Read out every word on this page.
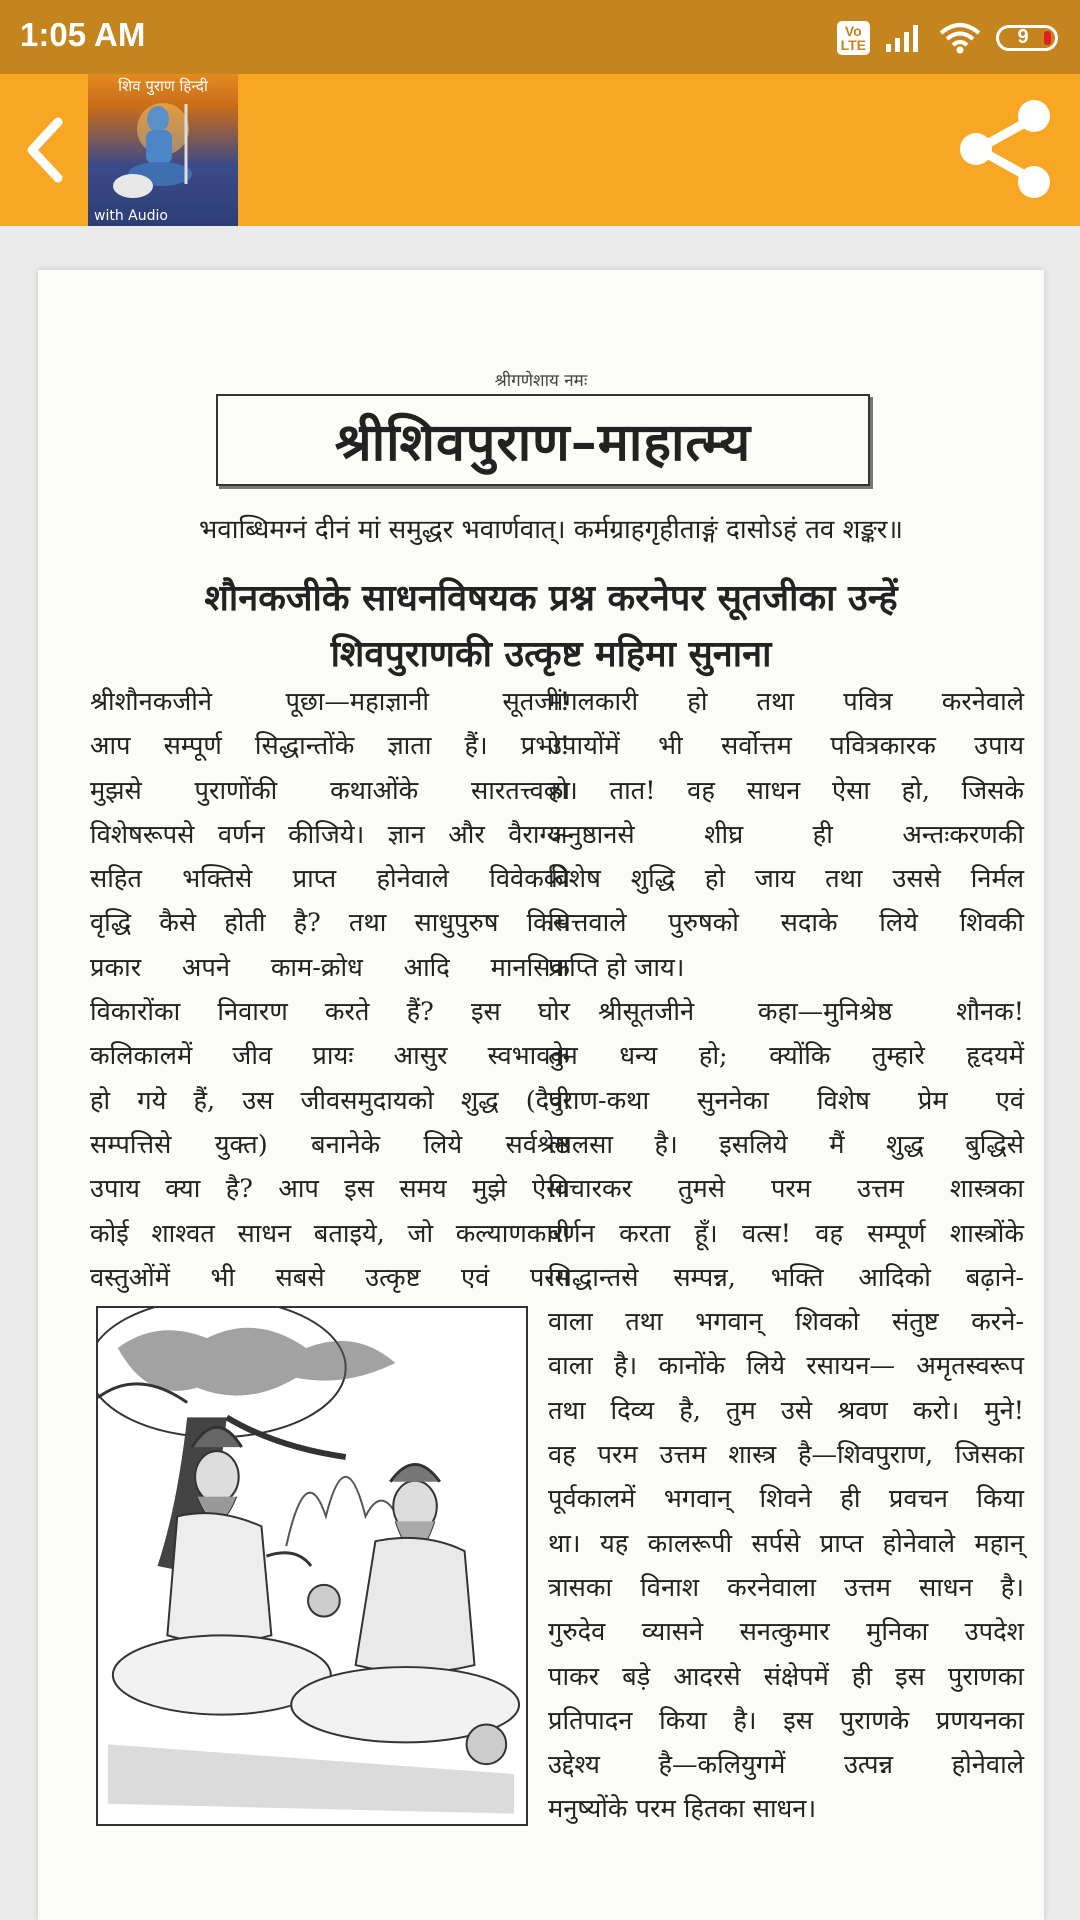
1:05 AM	Vo
LTE	9
शिव पुराण हिन्दी
with Audio
श्रीगणेशाय नमः
श्रीशिवपुराण–माहात्म्य
भवाब्धिमग्नं दीनं मां समुद्धर भवार्णवात्। कर्मग्राहगृहीताङ्गं दासोऽहं तव शङ्कर॥
शौनकजीके साधनविषयक प्रश्न करनेपर सूतजीका उन्हें
शिवपुराणकी उत्कृष्ट महिमा सुनाना

श्रीशौनकजीने पूछा—महाज्ञानी सूतजी!

आप सम्पूर्ण सिद्धान्तोंके ज्ञाता हैं। प्रभो!

मुझसे पुराणोंकी कथाओंके सारतत्त्वका

विशेषरूपसे वर्णन कीजिये। ज्ञान और वैराग्य-

सहित भक्तिसे प्राप्त होनेवाले विवेककी

वृद्धि कैसे होती है? तथा साधुपुरुष किस

प्रकार अपने काम-क्रोध आदि मानसिक

विकारोंका निवारण करते हैं? इस घोर

कलिकालमें जीव प्रायः आसुर स्वभावके

हो गये हैं, उस जीवसमुदायको शुद्ध (दैवी

सम्पत्तिसे युक्त) बनानेके लिये सर्वश्रेष्ठ

उपाय क्या है? आप इस समय मुझे ऐसा

कोई शाश्वत साधन बताइये, जो कल्याणकारी

वस्तुओंमें भी सबसे उत्कृष्ट एवं परम

मंगलकारी हो तथा पवित्र करनेवाले

उपायोंमें भी सर्वोत्तम पवित्रकारक उपाय

हो। तात! वह साधन ऐसा हो, जिसके

अनुष्ठानसे शीघ्र ही अन्तःकरणकी

विशेष शुद्धि हो जाय तथा उससे निर्मल

चित्तवाले पुरुषको सदाके लिये शिवकी

प्राप्ति हो जाय।

श्रीसूतजीने कहा—मुनिश्रेष्ठ शौनक!

तुम धन्य हो; क्योंकि तुम्हारे हृदयमें

पुराण-कथा सुननेका विशेष प्रेम एवं

लालसा है। इसलिये मैं शुद्ध बुद्धिसे

विचारकर तुमसे परम उत्तम शास्त्रका

वर्णन करता हूँ। वत्स! वह सम्पूर्ण शास्त्रोंके

सिद्धान्तसे सम्पन्न, भक्ति आदिको बढ़ाने-

वाला तथा भगवान् शिवको संतुष्ट करने-

वाला है। कानोंके लिये रसायन— अमृतस्वरूप

तथा दिव्य है, तुम उसे श्रवण करो। मुने!

वह परम उत्तम शास्त्र है—शिवपुराण, जिसका

पूर्वकालमें भगवान् शिवने ही प्रवचन किया

था। यह कालरूपी सर्पसे प्राप्त होनेवाले महान्

त्रासका विनाश करनेवाला उत्तम साधन है।

गुरुदेव व्यासने सनत्कुमार मुनिका उपदेश

पाकर बड़े आदरसे संक्षेपमें ही इस पुराणका

प्रतिपादन किया है। इस पुराणके प्रणयनका

उद्देश्य है—कलियुगमें उत्पन्न होनेवाले

मनुष्योंके परम हितका साधन।
